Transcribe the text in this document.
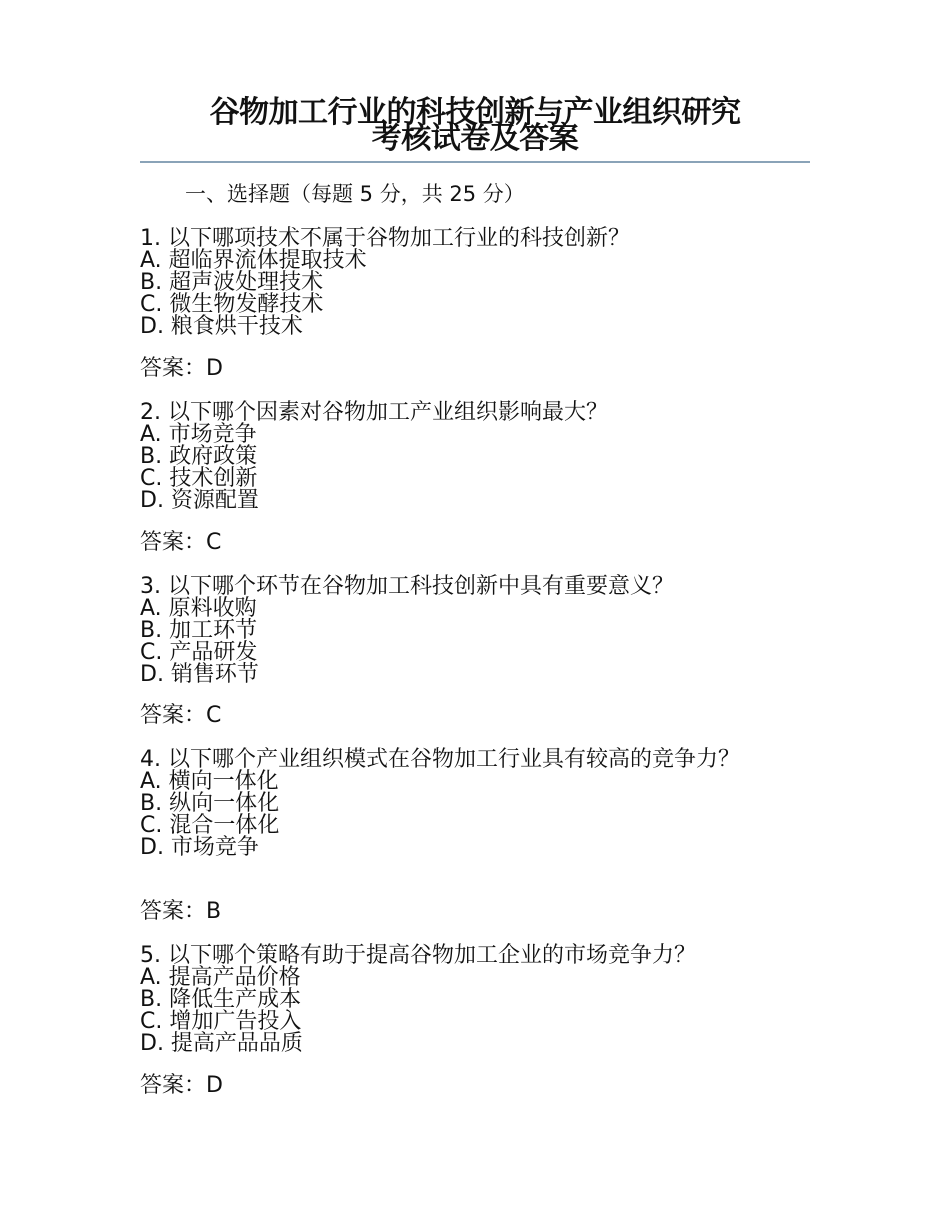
谷物加工行业的科技创新与产业组织研究
考核试卷及答案
一、选择题（每题 5 分，共 25 分）
1. 以下哪项技术不属于谷物加工行业的科技创新？
A. 超临界流体提取技术
B. 超声波处理技术
C. 微生物发酵技术
D. 粮食烘干技术
答案：D
2. 以下哪个因素对谷物加工产业组织影响最大？
A. 市场竞争
B. 政府政策
C. 技术创新
D. 资源配置
答案：C
3. 以下哪个环节在谷物加工科技创新中具有重要意义？
A. 原料收购
B. 加工环节
C. 产品研发
D. 销售环节
答案：C
4. 以下哪个产业组织模式在谷物加工行业具有较高的竞争力？
A. 横向一体化
B. 纵向一体化
C. 混合一体化
D. 市场竞争
答案：B
5. 以下哪个策略有助于提高谷物加工企业的市场竞争力？
A. 提高产品价格
B. 降低生产成本
C. 增加广告投入
D. 提高产品品质
答案：D
